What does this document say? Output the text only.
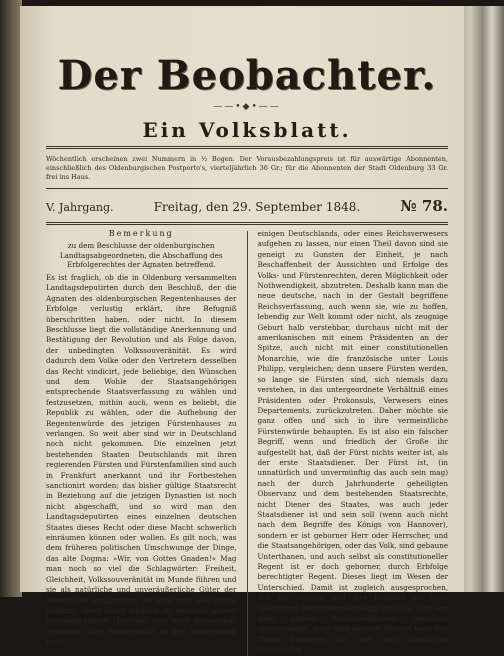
Der Beobachter.
——•◆•——
Ein Volksblatt.
Wöchentlich erscheinen zwei Nummern in ½ Bogen. Der Vorausbezahlungspreis ist für auswärtige Abonnenten, einschließlich des Oldenburgischen Postporto's, vierteljährlich 36 Gr.; für die Abonnenten der Stadt Oldenburg 33 Gr. frei ins Haus.
V. Jahrgang.	Freitag, den 29. September 1848.	№ 78.
Bemerkung
zu dem Beschlusse der oldenburgischen Landtagsabgeordneten, die Abschaffung des Erbfolgerechtes der Agnaten betreffend.

Es ist fraglich, ob die in Oldenburg versammelten Landtagsdeputirten durch den Beschluß, der die Agnaten des oldenburgischen Regentenhauses der Erbfolge verlustig erklärt, ihre Befugniß überschritten haben, oder nicht. In diesem Beschlusse liegt die vollständige Anerkennung und Bestätigung der Revolution und als Folge davon, der unbedingten Volkssouveränität. Es wird dadurch dem Volke oder den Vertretern desselben das Recht vindicirt, jede beliebige, den Wünschen und dem Wohle der Staatsangehörigen entsprechende Staatsverfassung zu wählen und festzusetzen, mithin auch, wenn es beliebt, die Republik zu wählen, oder die Aufhebung der Regentenwürde des jetzigen Fürstenhauses zu verlangen. So weit aber sind wir in Deutschland noch nicht gekommen. Die einzelnen jetzt bestehenden Staaten Deutschlands mit ihren regierenden Fürsten und Fürstenfamilien sind auch in Frankfurt anerkannt und ihr Fortbestehen sanctionirt worden; das bisher gültige Staatsrecht in Beziehung auf die jetzigen Dynastien ist noch nicht abgeschafft, und so wird man den Landtagsdeputirten eines einzelnen deutschen Staates dieses Recht oder diese Macht schwerlich einräumen können oder wollen. Es gilt noch, was dem früheren politischen Umschwunge der Dinge, das alte Dogma: »Wir, von Gottes Gnaden!« Mag man noch so viel die Schlagwörter: Freiheit, Gleichheit, Volkssouveränität im Munde führen und sie als natürliche und unveräußerliche Güter der Menschheit proclamiren; wir sind noch weit davon entfernt, diese Güter wirklich zu besitzen; unsere Vierunddreißiger (Fürsten) sind noch keineswegs gesonnen, ihre Souveränität in der Souveränität eines

einigen Deutschlands, oder eines Reichsverwesers aufgehen zu lassen, nur einen Theil davon sind sie geneigt zu Gunsten der Einheit, je nach Beschaffenheit der Aussichten und Erfolge des Volks- und Fürstenrechten, deren Möglichkeit oder Nothwendigkeit, abzutreten. Deshalb kann man die neue deutsche, nach in der Gestalt begriffene Reichsverfassung, auch wenn sie, wie zu hoffen, lebendig zur Welt kommt oder nicht, als zeugnige Geburt halb verstehbar, durchaus nicht mit der amerikanischen mit einem Präsidenten an der Spitze, auch nicht mit einer constitutionellen Monarchie, wie die französische unter Louis Philipp, vergleichen; denn unsere Fürsten werden, so lange sie Fürsten sind, sich niemals dazu verstehen, in das untergeordnete Verhältniß eines Präsidenten oder Prokonsuls, Verwesers eines Departements, zurückzutreten. Daher möchte sie ganz offen und sich in ihre vermeintliche Fürstenwürde behaupten. Es ist also ein falscher Begriff, wenn und friedlich der Große ihr aufgestellt hat, daß der Fürst nichts weiter ist, als der erste Staatsdiener. Der Fürst ist, (in unnatürlich und unvermünftig das auch sein mag) nach der durch Jahrhunderte geheiligten Observanz und dem bestehenden Staatsrechte, nicht Diener des Staates, was auch jeder Staatsdiener ist und sein soll (wenn auch nicht nach dem Begriffe des Königs von Hannover), sondern er ist geborner Herr oder Herrscher, und die Staatsangehörigen, oder das Volk, sind gebaune Unterthanen, und auch selbst als constitutioneller Regent ist er doch geborner, durch Erbfolge berechtigter Regent. Dieses liegt im Wesen der Unterschied. Damit ist zugleich ausgesprochen, daß die Fürsten und ihre Familien ein ganz besonderes Menschengeschlecht sind, das sich von allen andern Menschenklassen spezifisch unterscheidet; denn kein anderer Mensch kann den Thron besteigen als wer von fürstlichen Geschlechte
